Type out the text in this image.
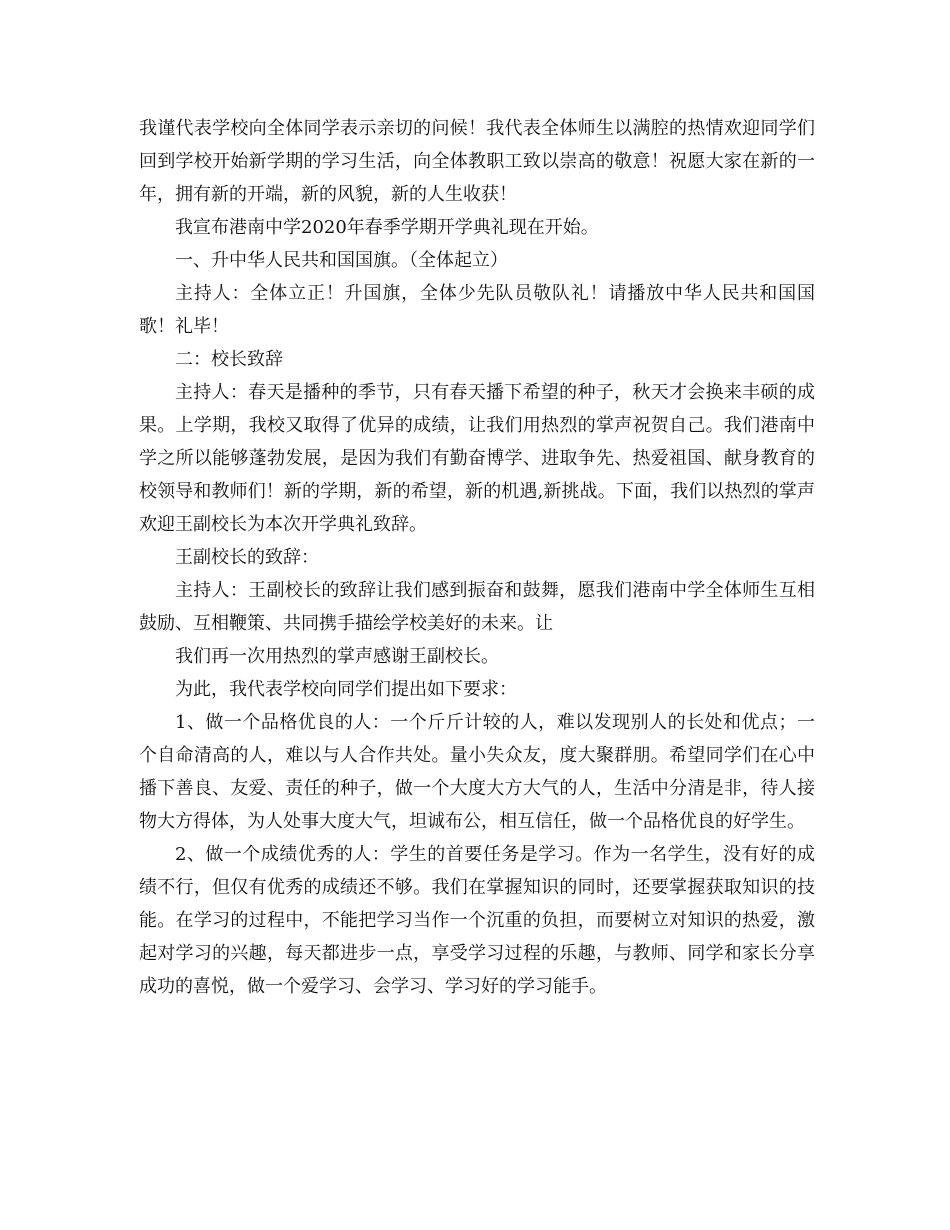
我谨代表学校向全体同学表示亲切的问候！我代表全体师生以满腔的热情欢迎同学们回到学校开始新学期的学习生活，向全体教职工致以崇高的敬意！祝愿大家在新的一年，拥有新的开端，新的风貌，新的人生收获！

我宣布港南中学2020年春季学期开学典礼现在开始。

一、升中华人民共和国国旗。（全体起立）

主持人：全体立正！升国旗，全体少先队员敬队礼！请播放中华人民共和国国歌！礼毕！

二：校长致辞

主持人：春天是播种的季节，只有春天播下希望的种子，秋天才会换来丰硕的成果。上学期，我校又取得了优异的成绩，让我们用热烈的掌声祝贺自己。我们港南中学之所以能够蓬勃发展，是因为我们有勤奋博学、进取争先、热爱祖国、献身教育的校领导和教师们！新的学期，新的希望，新的机遇,新挑战。下面，我们以热烈的掌声欢迎王副校长为本次开学典礼致辞。

王副校长的致辞：

主持人：王副校长的致辞让我们感到振奋和鼓舞，愿我们港南中学全体师生互相鼓励、互相鞭策、共同携手描绘学校美好的未来。让

我们再一次用热烈的掌声感谢王副校长。

为此，我代表学校向同学们提出如下要求：

1、做一个品格优良的人：一个斤斤计较的人，难以发现别人的长处和优点；一个自命清高的人，难以与人合作共处。量小失众友，度大聚群朋。希望同学们在心中播下善良、友爱、责任的种子，做一个大度大方大气的人，生活中分清是非，待人接物大方得体，为人处事大度大气，坦诚布公，相互信任，做一个品格优良的好学生。

2、做一个成绩优秀的人：学生的首要任务是学习。作为一名学生，没有好的成绩不行，但仅有优秀的成绩还不够。我们在掌握知识的同时，还要掌握获取知识的技能。在学习的过程中，不能把学习当作一个沉重的负担，而要树立对知识的热爱，激起对学习的兴趣，每天都进步一点，享受学习过程的乐趣，与教师、同学和家长分享成功的喜悦，做一个爱学习、会学习、学习好的学习能手。
